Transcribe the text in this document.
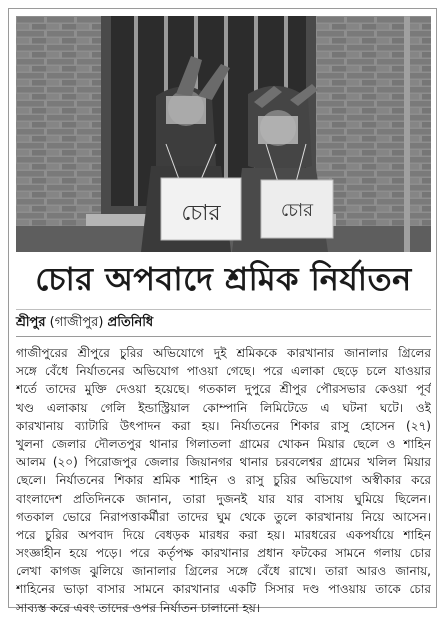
চোর	চোর
চোর অপবাদে শ্রমিক নির্যাতন
শ্রীপুর (গাজীপুর) প্রতিনিধি
গাজীপুরের শ্রীপুরে চুরির অভিযোগে দুই শ্রমিককে কারখানার জানালার গ্রিলের
সঙ্গে বেঁধে নির্যাতনের অভিযোগ পাওয়া গেছে। পরে এলাকা ছেড়ে চলে যাওয়ার
শর্তে তাদের মুক্তি দেওয়া হয়েছে। গতকাল দুপুরে শ্রীপুর পৌরসভার কেওয়া পূর্ব
খণ্ড এলাকায় গেলি ইন্ডাস্ট্রিয়াল কোম্পানি লিমিটেডে এ ঘটনা ঘটে। ওই
কারখানায় ব্যাটারি উৎপাদন করা হয়। নির্যাতনের শিকার রাসু হোসেন (২৭)
খুলনা জেলার দৌলতপুর থানার গিলাতলা গ্রামের খোকন মিয়ার ছেলে ও শাহিন
আলম (২০) পিরোজপুর জেলার জিয়ানগর থানার চরবলেশ্বর গ্রামের খলিল মিয়ার
ছেলে। নির্যাতনের শিকার শ্রমিক শাহিন ও রাসু চুরির অভিযোগ অস্বীকার করে
বাংলাদেশ প্রতিদিনকে জানান, তারা দুজনই যার যার বাসায় ঘুমিয়ে ছিলেন।
গতকাল ভোরে নিরাপত্তাকর্মীরা তাদের ঘুম থেকে তুলে কারখানায় নিয়ে আসেন।
পরে চুরির অপবাদ দিয়ে বেধড়ক মারধর করা হয়। মারধরের একপর্যায়ে শাহিন
সংজ্ঞাহীন হয়ে পড়ে। পরে কর্তৃপক্ষ কারখানার প্রধান ফটকের সামনে গলায় চোর
লেখা কাগজ ঝুলিয়ে জানালার গ্রিলের সঙ্গে বেঁধে রাখে। তারা আরও জানায়,
শাহিনের ভাড়া বাসার সামনে কারখানার একটি সিসার দণ্ড পাওয়ায় তাকে চোর
সাব্যস্ত করে এবং তাদের ওপর নির্যাতন চালানো হয়।
